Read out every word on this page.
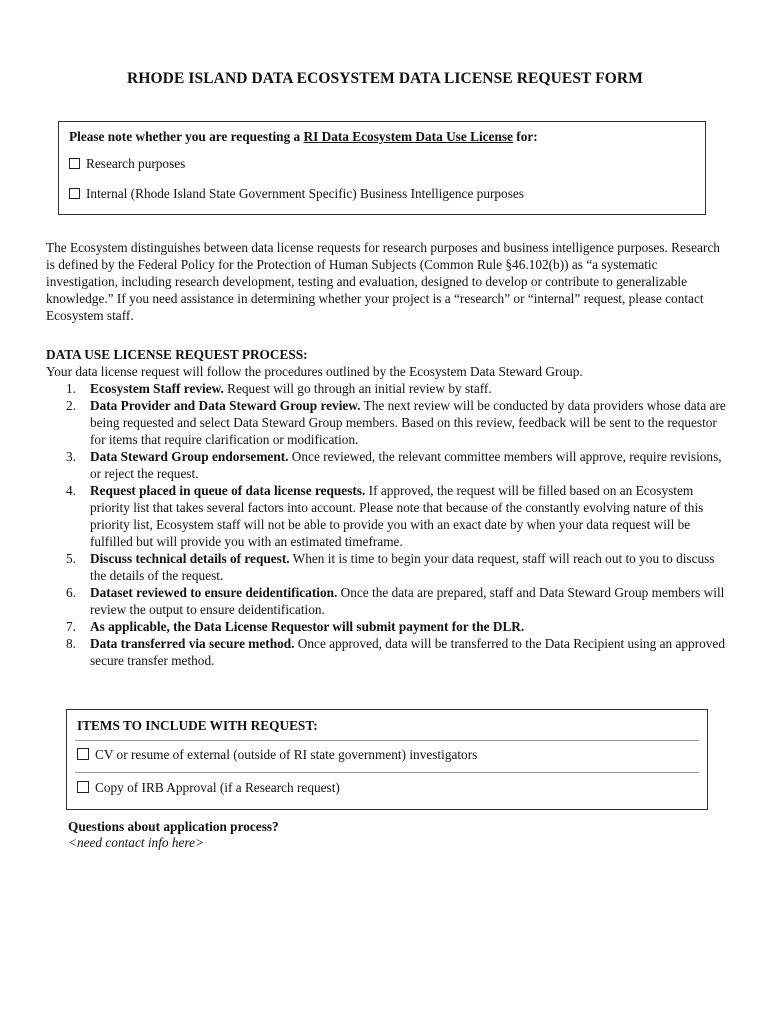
RHODE ISLAND DATA ECOSYSTEM DATA LICENSE REQUEST FORM
Please note whether you are requesting a RI Data Ecosystem Data Use License for:
Research purposes
Internal (Rhode Island State Government Specific) Business Intelligence purposes
The Ecosystem distinguishes between data license requests for research purposes and business intelligence purposes. Research is defined by the Federal Policy for the Protection of Human Subjects (Common Rule §46.102(b)) as “a systematic investigation, including research development, testing and evaluation, designed to develop or contribute to generalizable knowledge.” If you need assistance in determining whether your project is a “research” or “internal” request, please contact Ecosystem staff.
DATA USE LICENSE REQUEST PROCESS:
Your data license request will follow the procedures outlined by the Ecosystem Data Steward Group.
1. Ecosystem Staff review. Request will go through an initial review by staff.
2. Data Provider and Data Steward Group review. The next review will be conducted by data providers whose data are being requested and select Data Steward Group members. Based on this review, feedback will be sent to the requestor for items that require clarification or modification.
3. Data Steward Group endorsement. Once reviewed, the relevant committee members will approve, require revisions, or reject the request.
4. Request placed in queue of data license requests. If approved, the request will be filled based on an Ecosystem priority list that takes several factors into account. Please note that because of the constantly evolving nature of this priority list, Ecosystem staff will not be able to provide you with an exact date by when your data request will be fulfilled but will provide you with an estimated timeframe.
5. Discuss technical details of request. When it is time to begin your data request, staff will reach out to you to discuss the details of the request.
6. Dataset reviewed to ensure deidentification. Once the data are prepared, staff and Data Steward Group members will review the output to ensure deidentification.
7. As applicable, the Data License Requestor will submit payment for the DLR.
8. Data transferred via secure method. Once approved, data will be transferred to the Data Recipient using an approved secure transfer method.
ITEMS TO INCLUDE WITH REQUEST:
CV or resume of external (outside of RI state government) investigators
Copy of IRB Approval (if a Research request)
Questions about application process?
<need contact info here>
